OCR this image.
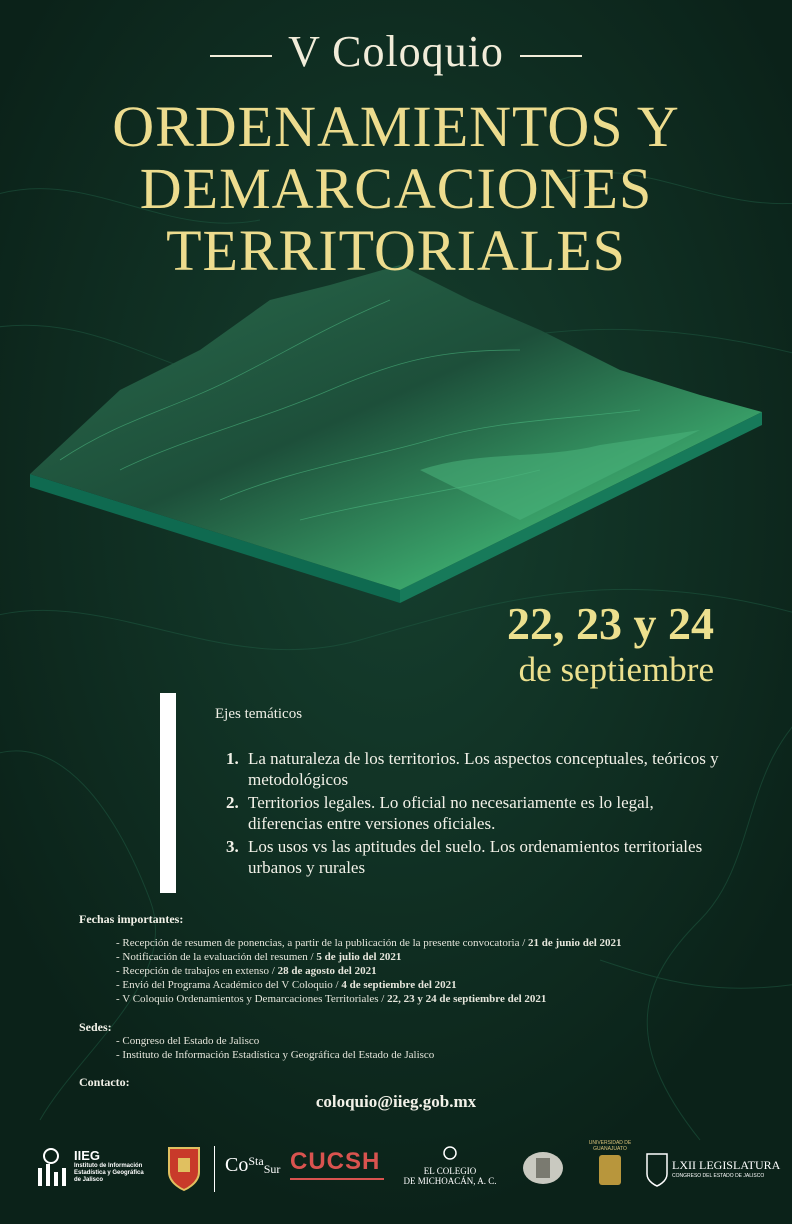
V Coloquio
ORDENAMIENTOS Y
DEMARCACIONES
TERRITORIALES
22, 23 y 24
de septiembre
Ejes temáticos
1. La naturaleza de los territorios. Los aspectos conceptuales, teóricos y metodológicos
2. Territorios legales. Lo oficial no necesariamente es lo legal, diferencias entre versiones oficiales.
3. Los usos vs las aptitudes del suelo. Los ordenamientos territoriales urbanos y rurales
Fechas importantes:
- Recepción de resumen de ponencias, a partir de la publicación de la presente convocatoria / 21 de junio del 2021
- Notificación de la evaluación del resumen / 5 de julio del 2021
- Recepción de trabajos en extenso / 28 de agosto del 2021
- Envió del Programa Académico del V Coloquio / 4 de septiembre del 2021
- V Coloquio Ordenamientos y Demarcaciones Territoriales / 22, 23 y 24 de septiembre del 2021
Sedes:
- Congreso del Estado de Jalisco
- Instituto de Información Estadística y Geográfica del Estado de Jalisco
Contacto:
coloquio@iieg.gob.mx
IIEG
Instituto de Información
Estadística y Geográfica
de Jalisco
$Co^{Sta}Sur$ CUCSH	EL COLEGIO
DE MICHOACÁN, A. C.
UNIVERSIDAD DE
GUANAJUATO
LXII LEGISLATURA
CONGRESO DEL ESTADO DE JALISCO
